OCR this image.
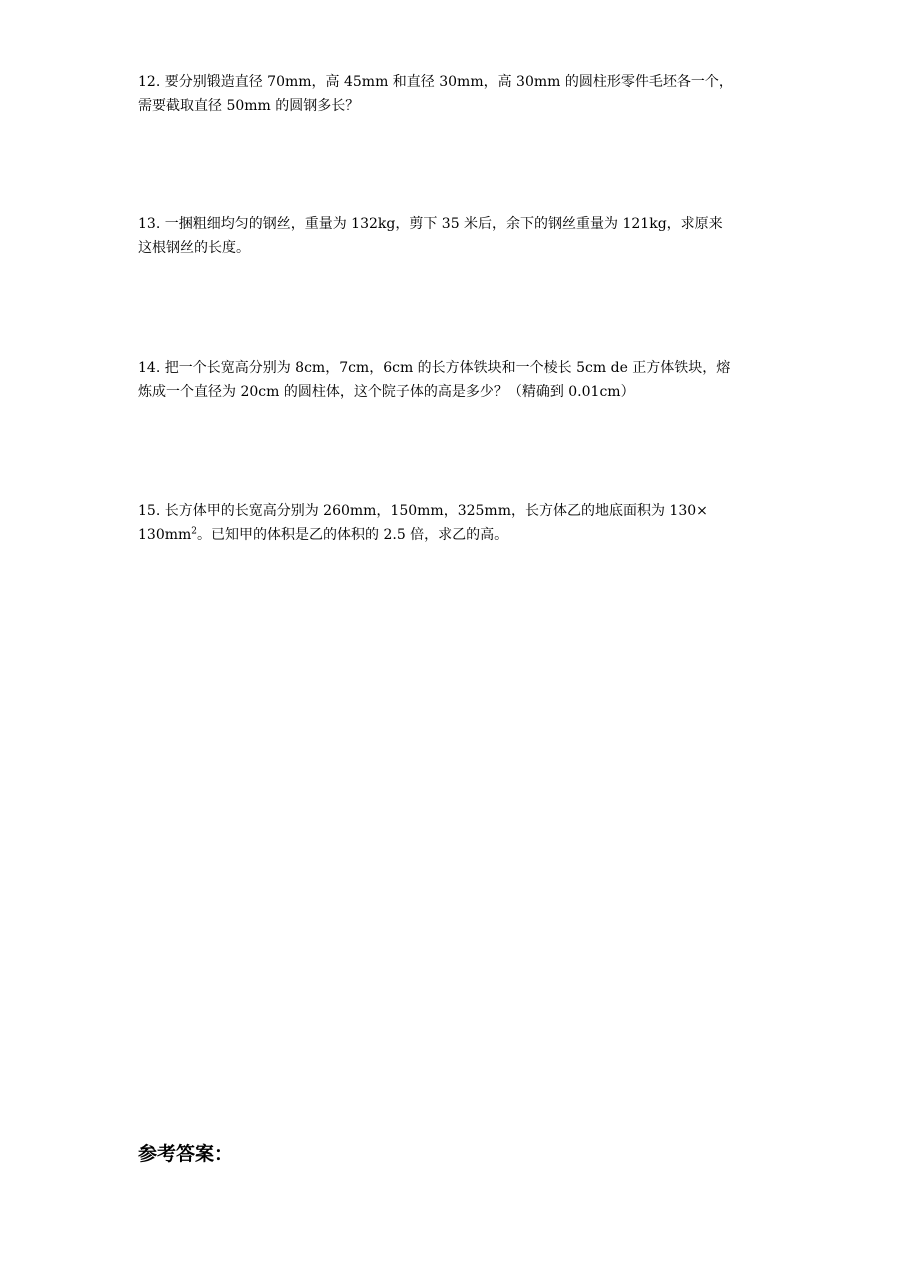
12. 要分别锻造直径 70mm，高 45mm 和直径 30mm，高 30mm 的圆柱形零件毛坯各一个，

需要截取直径 50mm 的圆钢多长？

13. 一捆粗细均匀的钢丝，重量为 132kg，剪下 35 米后，余下的钢丝重量为 121kg，求原来

这根钢丝的长度。

14. 把一个长宽高分别为 8cm，7cm，6cm 的长方体铁块和一个棱长 5cm de 正方体铁块，熔

炼成一个直径为 20cm 的圆柱体，这个院子体的高是多少？（精确到 0.01cm）

15. 长方体甲的长宽高分别为 260mm，150mm，325mm，长方体乙的地底面积为 130×

$130mm^2$。已知甲的体积是乙的体积的 2.5 倍，求乙的高。

参考答案：
